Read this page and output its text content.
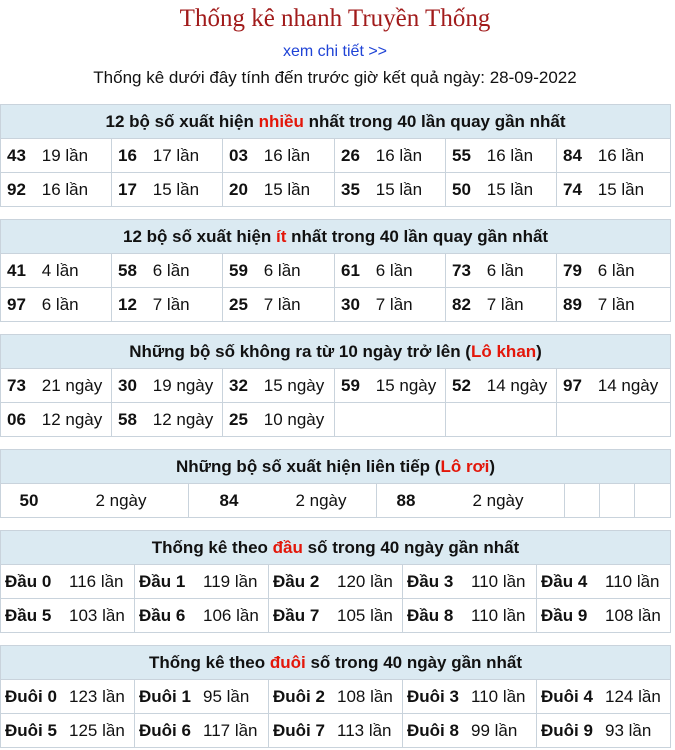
Thống kê nhanh Truyền Thống
xem chi tiết >>
Thống kê dưới đây tính đến trước giờ kết quả ngày: 28-09-2022
12 bộ số xuất hiện nhiều nhất trong 40 lần quay gần nhất					
43 19 lần	16 17 lần	03 16 lần	26 16 lần	55 16 lần	84 16 lần
92 16 lần	17 15 lần	20 15 lần	35 15 lần	50 15 lần	74 15 lần
12 bộ số xuất hiện ít nhất trong 40 lần quay gần nhất					
41 4 lần	58 6 lần	59 6 lần	61 6 lần	73 6 lần	79 6 lần
97 6 lần	12 7 lần	25 7 lần	30 7 lần	82 7 lần	89 7 lần
Những bộ số không ra từ 10 ngày trở lên (Lô khan)					
73 21 ngày	30 19 ngày	32 15 ngày	59 15 ngày	52 14 ngày	97 14 ngày
06 12 ngày	58 12 ngày	25 10 ngày			
Những bộ số xuất hiện liên tiếp (Lô rơi)
50	2 ngày	84	2 ngày	88	2 ngày			
Thống kê theo đầu số trong 40 ngày gần nhất				
Đầu 0 116 lần	Đầu 1 119 lần	Đầu 2 120 lần	Đầu 3 110 lần	Đầu 4 110 lần
Đầu 5 103 lần	Đầu 6 106 lần	Đầu 7 105 lần	Đầu 8 110 lần	Đầu 9 108 lần
Thống kê theo đuôi số trong 40 ngày gần nhất				
Đuôi 0 123 lần	Đuôi 1 95 lần	Đuôi 2 108 lần	Đuôi 3 110 lần	Đuôi 4 124 lần
Đuôi 5 125 lần	Đuôi 6 117 lần	Đuôi 7 113 lần	Đuôi 8 99 lần	Đuôi 9 93 lần
